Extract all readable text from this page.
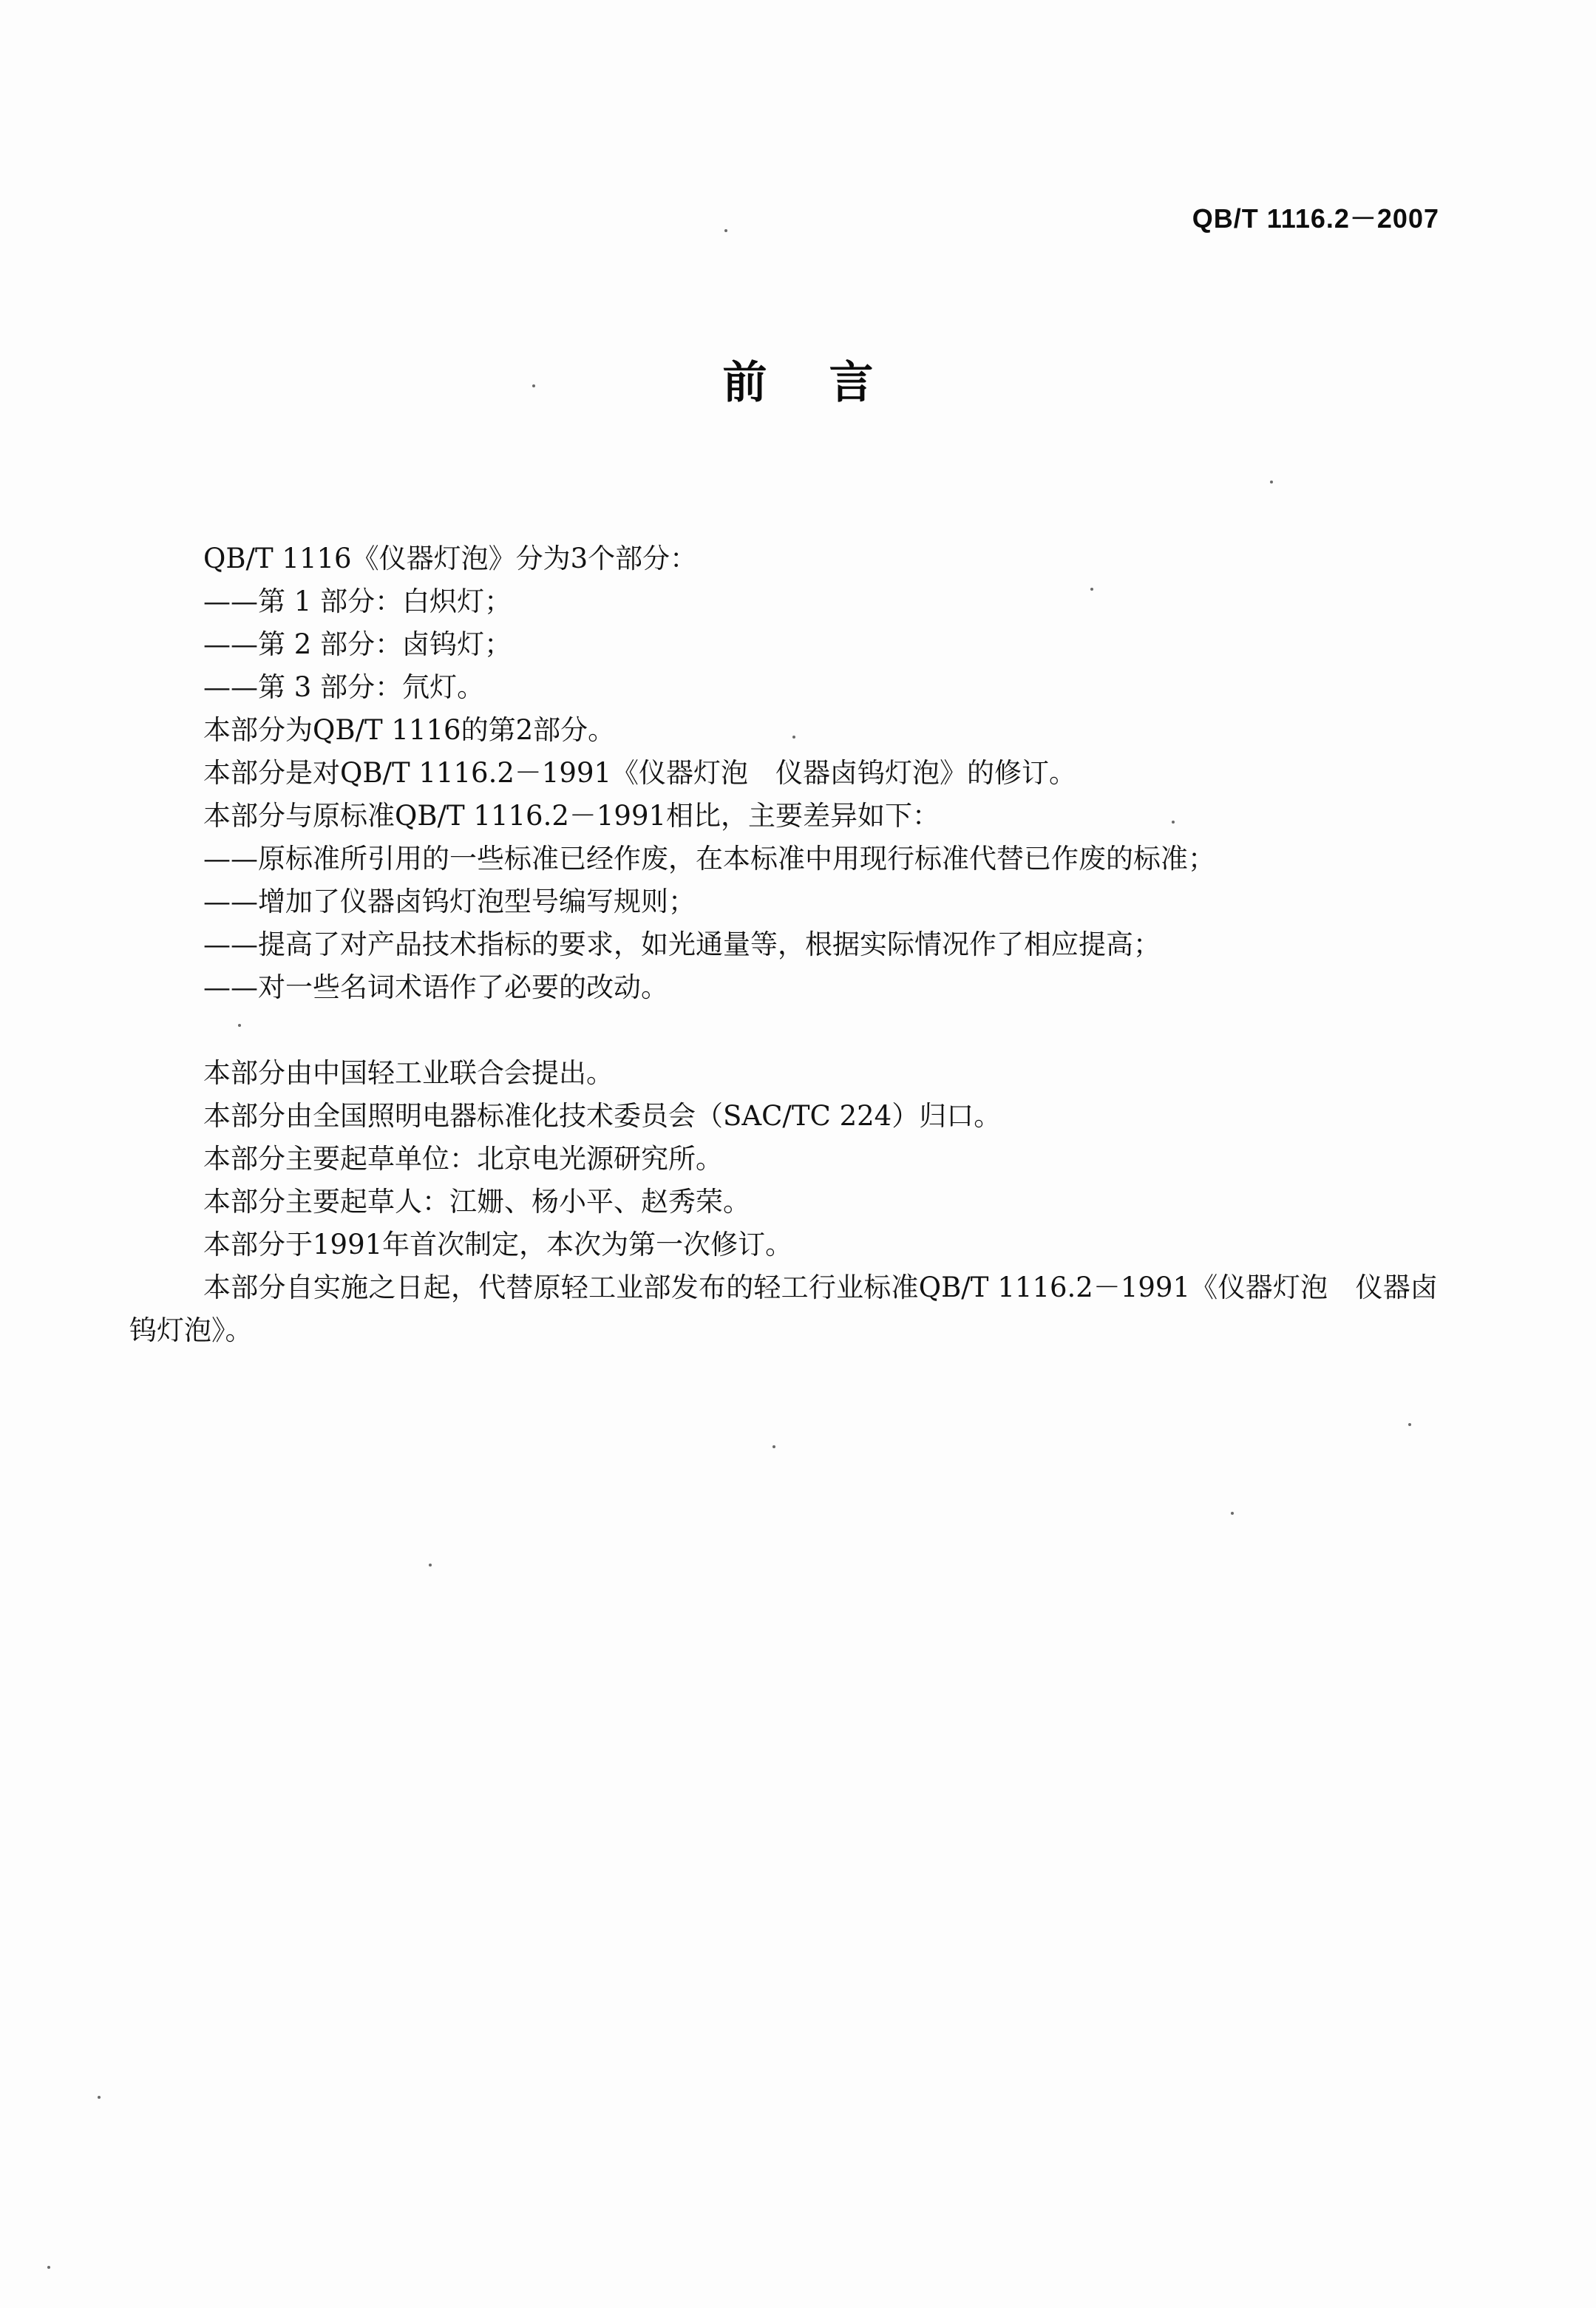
QB/T 1116.2－2007
前言

QB/T 1116《仪器灯泡》分为3个部分：

——第 1 部分：白炽灯；

——第 2 部分：卤钨灯；

——第 3 部分：氘灯。

本部分为QB/T 1116的第2部分。

本部分是对QB/T 1116.2－1991《仪器灯泡　仪器卤钨灯泡》的修订。

本部分与原标准QB/T 1116.2－1991相比，主要差异如下：

——原标准所引用的一些标准已经作废，在本标准中用现行标准代替已作废的标准；

——增加了仪器卤钨灯泡型号编写规则；

——提高了对产品技术指标的要求，如光通量等，根据实际情况作了相应提高；

——对一些名词术语作了必要的改动。

本部分由中国轻工业联合会提出。

本部分由全国照明电器标准化技术委员会（SAC/TC 224）归口。

本部分主要起草单位：北京电光源研究所。

本部分主要起草人：江姗、杨小平、赵秀荣。

本部分于1991年首次制定，本次为第一次修订。

本部分自实施之日起，代替原轻工业部发布的轻工行业标准QB/T 1116.2－1991《仪器灯泡　仪器卤钨灯泡》。
